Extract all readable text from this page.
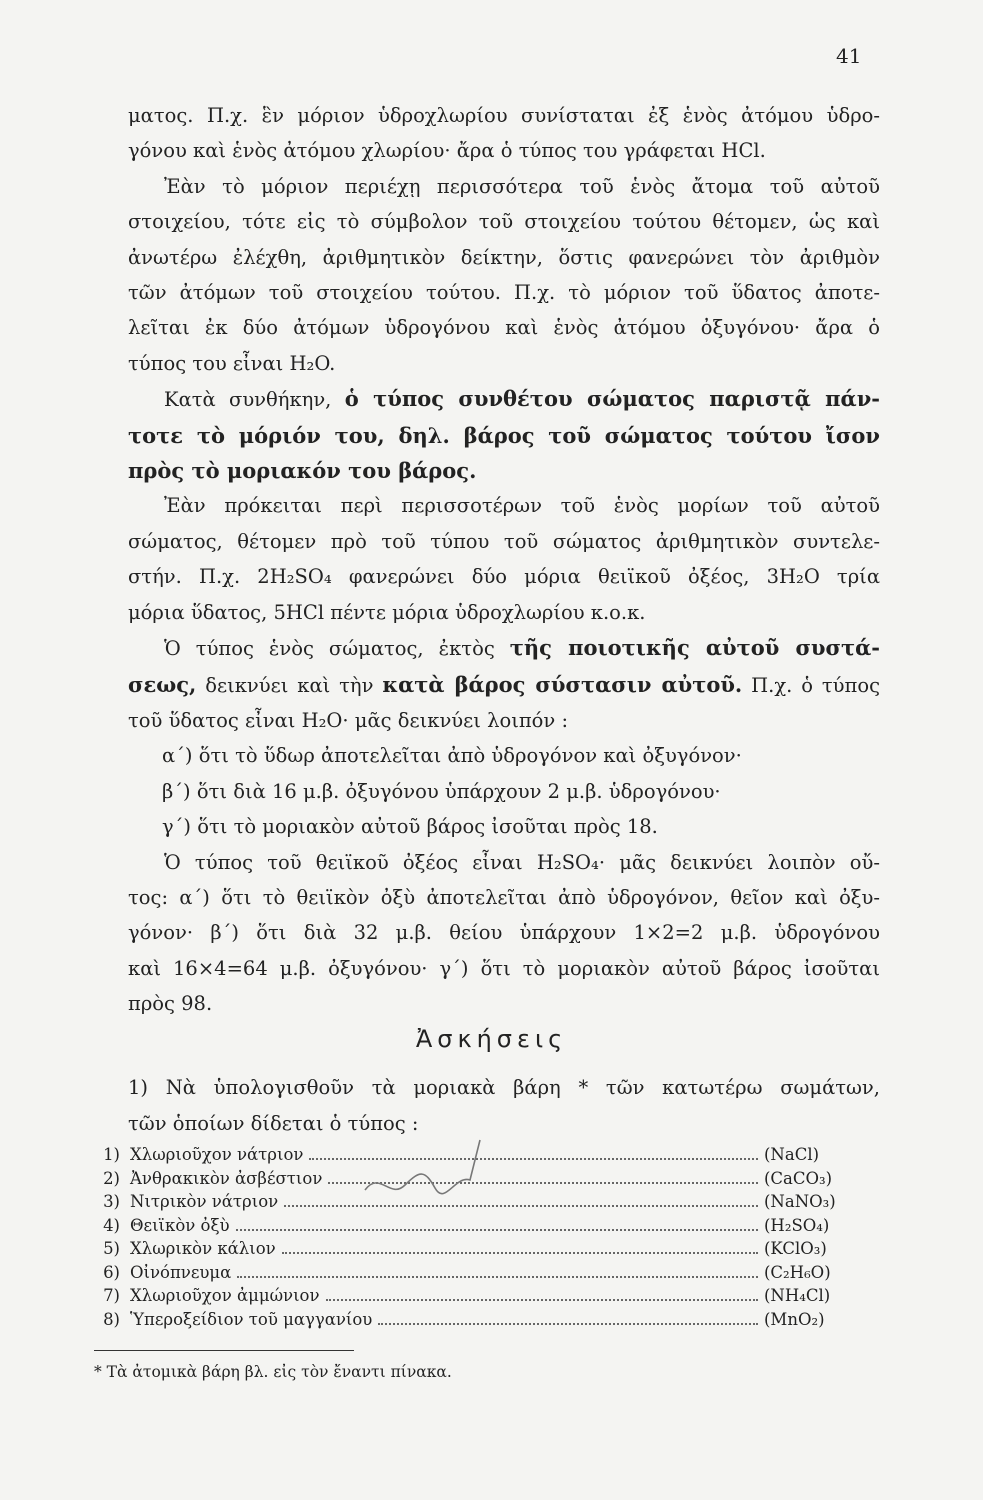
41
ματος. Π.χ. ἓν μόριον ὑδροχλωρίου συνίσταται ἐξ ἑνὸς ἀτόμου ὑδρο-
γόνου καὶ ἑνὸς ἀτόμου χλωρίου· ἄρα ὁ τύπος του γράφεται HCl.
Ἐὰν τὸ μόριον περιέχῃ περισσότερα τοῦ ἑνὸς ἄτομα τοῦ αὐτοῦ
στοιχείου, τότε εἰς τὸ σύμβολον τοῦ στοιχείου τούτου θέτομεν, ὡς καὶ
ἀνωτέρω ἐλέχθη, ἀριθμητικὸν δείκτην, ὅστις φανερώνει τὸν ἀριθμὸν
τῶν ἀτόμων τοῦ στοιχείου τούτου. Π.χ. τὸ μόριον τοῦ ὕδατος ἀποτε-
λεῖται ἐκ δύο ἀτόμων ὑδρογόνου καὶ ἑνὸς ἀτόμου ὀξυγόνου· ἄρα ὁ
τύπος του εἶναι H₂O.
Κατὰ συνθήκην, ὁ τύπος συνθέτου σώματος παριστᾷ πάν-
τοτε τὸ μόριόν του, δηλ. βάρος τοῦ σώματος τούτου ἴσον
πρὸς τὸ μοριακόν του βάρος.
Ἐὰν πρόκειται περὶ περισσοτέρων τοῦ ἑνὸς μορίων τοῦ αὐτοῦ
σώματος, θέτομεν πρὸ τοῦ τύπου τοῦ σώματος ἀριθμητικὸν συντελε-
στήν. Π.χ. 2H₂SO₄ φανερώνει δύο μόρια θειϊκοῦ ὀξέος, 3H₂O τρία
μόρια ὕδατος, 5HCl πέντε μόρια ὑδροχλωρίου κ.ο.κ.
Ὁ τύπος ἑνὸς σώματος, ἐκτὸς τῆς ποιοτικῆς αὐτοῦ συστά-
σεως, δεικνύει καὶ τὴν κατὰ βάρος σύστασιν αὐτοῦ. Π.χ. ὁ τύπος
τοῦ ὕδατος εἶναι H₂O· μᾶς δεικνύει λοιπόν :
α΄) ὅτι τὸ ὕδωρ ἀποτελεῖται ἀπὸ ὑδρογόνον καὶ ὀξυγόνον·
β΄) ὅτι διὰ 16 μ.β. ὀξυγόνου ὑπάρχουν 2 μ.β. ὑδρογόνου·
γ΄) ὅτι τὸ μοριακὸν αὐτοῦ βάρος ἰσοῦται πρὸς 18.
Ὁ τύπος τοῦ θειϊκοῦ ὀξέος εἶναι H₂SO₄· μᾶς δεικνύει λοιπὸν οὔ-
τος: α΄) ὅτι τὸ θειϊκὸν ὀξὺ ἀποτελεῖται ἀπὸ ὑδρογόνον, θεῖον καὶ ὀξυ-
γόνον· β΄) ὅτι διὰ 32 μ.β. θείου ὑπάρχουν 1×2=2 μ.β. ὑδρογόνου
καὶ 16×4=64 μ.β. ὀξυγόνου· γ΄) ὅτι τὸ μοριακὸν αὐτοῦ βάρος ἰσοῦται
πρὸς 98.
Ἀσκήσεις
1) Νὰ ὑπολογισθοῦν τὰ μοριακὰ βάρη * τῶν κατωτέρω σωμάτων,
τῶν ὁποίων δίδεται ὁ τύπος :
1) Χλωριοῦχον νάτριον	(NaCl)
2) Ἀνθρακικὸν ἀσβέστιον	(CaCO₃)
3) Νιτρικὸν νάτριον	(NaNO₃)
4) Θειϊκὸν ὀξὺ	(H₂SO₄)
5) Χλωρικὸν κάλιον	(KClO₃)
6) Οἰνόπνευμα	(C₂H₆O)
7) Χλωριοῦχον ἀμμώνιον	(NH₄Cl)
8) Ὑπεροξείδιον τοῦ μαγγανίου	(MnO₂)
* Τὰ ἀτομικὰ βάρη βλ. εἰς τὸν ἔναντι πίνακα.
